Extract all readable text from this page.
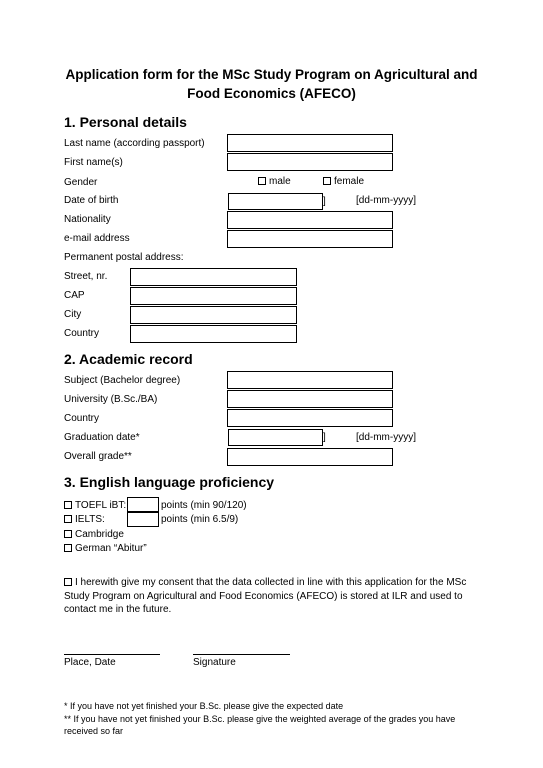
Application form for the MSc Study Program on Agricultural and
Food Economics (AFECO)
1. Personal details
Last name (according passport)
First name(s)
Gender	male	female
Date of birth	]	[dd-mm-yyyy]
Nationality
e-mail address
Permanent postal address:
Street, nr.
CAP
City
Country
2. Academic record
Subject (Bachelor degree)
University (B.Sc./BA)
Country
Graduation date*	]	[dd-mm-yyyy]
Overall grade**
3. English language proficiency
TOEFL iBT:	points (min 90/120)
IELTS:	points (min 6.5/9)
Cambridge
German “Abitur”
I herewith give my consent that the data collected in line with this application for the MSc
Study Program on Agricultural and Food Economics (AFECO) is stored at ILR and used to
contact me in the future.
Place, Date	Signature
* If you have not yet finished your B.Sc. please give the expected date
** If you have not yet finished your B.Sc. please give the weighted average of the grades you have
received so far
